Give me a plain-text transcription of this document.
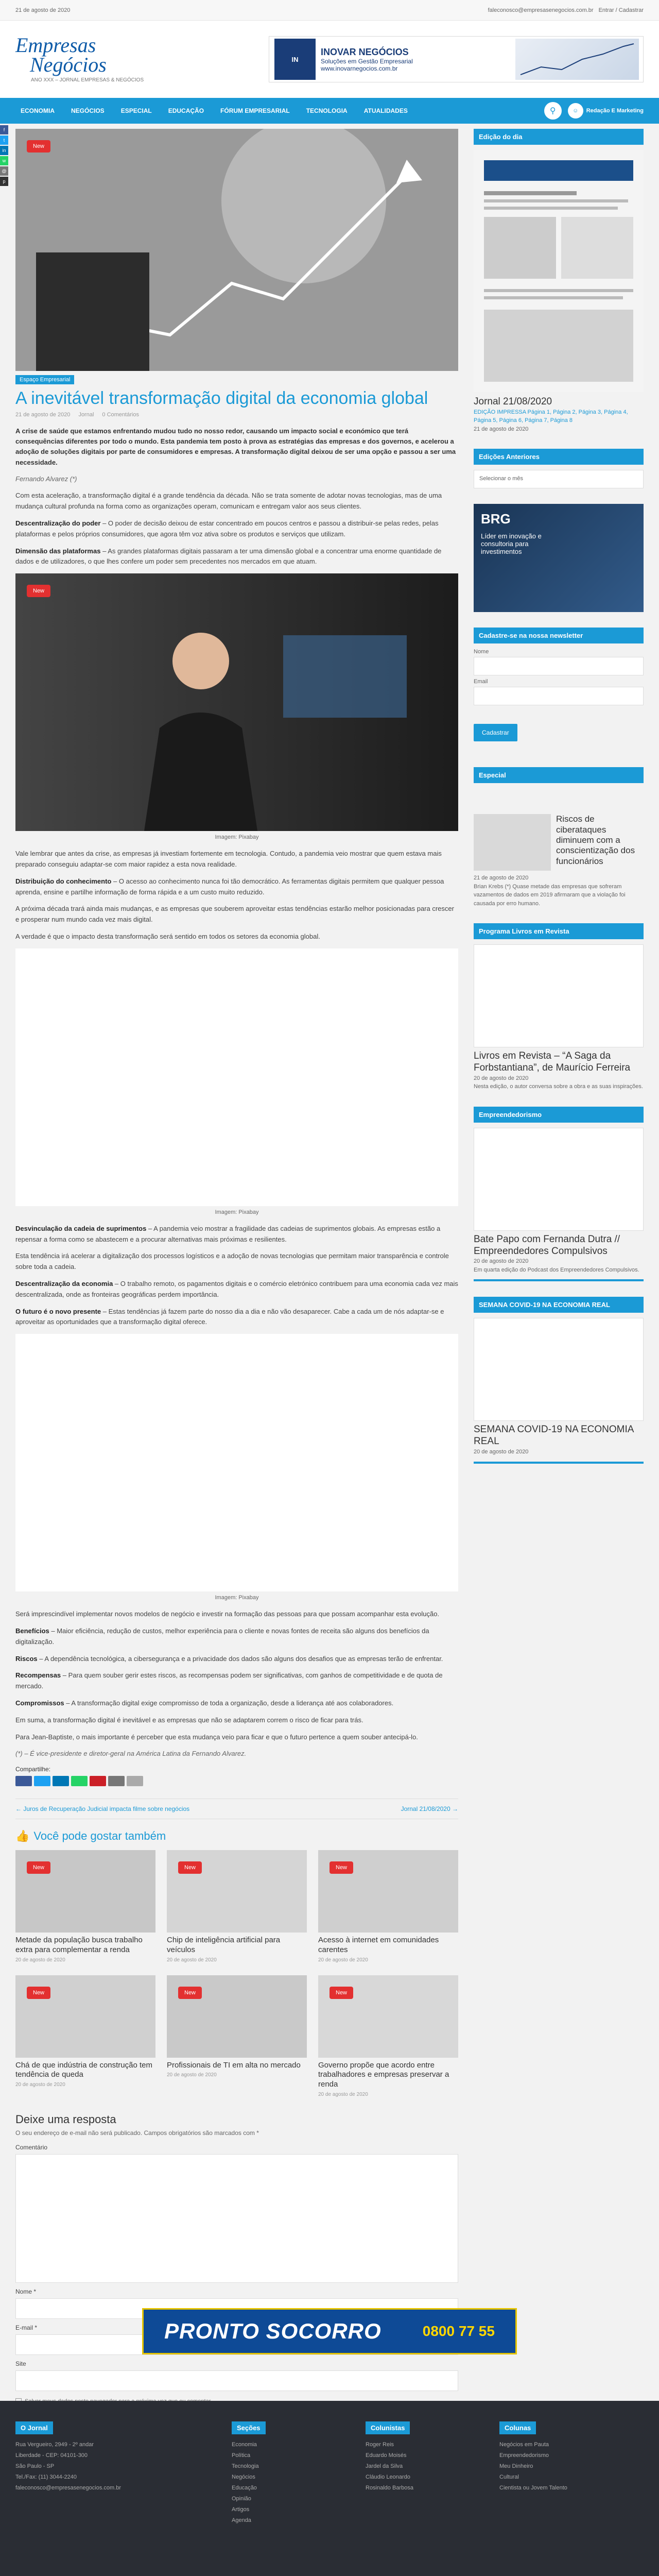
21 de agosto de 2020	faleconosco@empresasenegocios.com.br Entrar / Cadastrar
Empresas
Negócios
ANO XXX – JORNAL EMPRESAS & NEGÓCIOS
IN
INOVAR NEGÓCIOS
Soluções em Gestão Empresarial
www.inovarnegocios.com.br
ECONOMIA	NEGÓCIOS	ESPECIAL	EDUCAÇÃO	FÓRUM EMPRESARIAL	TECNOLOGIA	ATUALIDADES	⚲	☺	Redação E Marketing
f
t
in
w
@
p
New
Espaço Empresarial
A inevitável transformação digital da economia global
21 de agosto de 2020 Jornal 0 Comentários

A crise de saúde que estamos enfrentando mudou tudo no nosso redor, causando um impacto social e económico que terá consequências diferentes por todo o mundo. Esta pandemia tem posto à prova as estratégias das empresas e dos governos, e acelerou a adoção de soluções digitais por parte de consumidores e empresas. A transformação digital deixou de ser uma opção e passou a ser uma necessidade.

Fernando Alvarez (*)

Com esta aceleração, a transformação digital é a grande tendência da década. Não se trata somente de adotar novas tecnologias, mas de uma mudança cultural profunda na forma como as organizações operam, comunicam e entregam valor aos seus clientes.

Descentralização do poder – O poder de decisão deixou de estar concentrado em poucos centros e passou a distribuir-se pelas redes, pelas plataformas e pelos próprios consumidores, que agora têm voz ativa sobre os produtos e serviços que utilizam.

Dimensão das plataformas – As grandes plataformas digitais passaram a ter uma dimensão global e a concentrar uma enorme quantidade de dados e de utilizadores, o que lhes confere um poder sem precedentes nos mercados em que atuam.

New
Imagem: Pixabay

Vale lembrar que antes da crise, as empresas já investiam fortemente em tecnologia. Contudo, a pandemia veio mostrar que quem estava mais preparado conseguiu adaptar-se com maior rapidez a esta nova realidade.

Distribuição do conhecimento – O acesso ao conhecimento nunca foi tão democrático. As ferramentas digitais permitem que qualquer pessoa aprenda, ensine e partilhe informação de forma rápida e a um custo muito reduzido.

A próxima década trará ainda mais mudanças, e as empresas que souberem aproveitar estas tendências estarão melhor posicionadas para crescer e prosperar num mundo cada vez mais digital.

A verdade é que o impacto desta transformação será sentido em todos os setores da economia global.

Imagem: Pixabay

Desvinculação da cadeia de suprimentos – A pandemia veio mostrar a fragilidade das cadeias de suprimentos globais. As empresas estão a repensar a forma como se abastecem e a procurar alternativas mais próximas e resilientes.

Esta tendência irá acelerar a digitalização dos processos logísticos e a adoção de novas tecnologias que permitam maior transparência e controle sobre toda a cadeia.

Descentralização da economia – O trabalho remoto, os pagamentos digitais e o comércio eletrónico contribuem para uma economia cada vez mais descentralizada, onde as fronteiras geográficas perdem importância.

O futuro é o novo presente – Estas tendências já fazem parte do nosso dia a dia e não vão desaparecer. Cabe a cada um de nós adaptar-se e aproveitar as oportunidades que a transformação digital oferece.

Imagem: Pixabay

Será imprescindível implementar novos modelos de negócio e investir na formação das pessoas para que possam acompanhar esta evolução.

Benefícios – Maior eficiência, redução de custos, melhor experiência para o cliente e novas fontes de receita são alguns dos benefícios da digitalização.

Riscos – A dependência tecnológica, a cibersegurança e a privacidade dos dados são alguns dos desafios que as empresas terão de enfrentar.

Recompensas – Para quem souber gerir estes riscos, as recompensas podem ser significativas, com ganhos de competitividade e de quota de mercado.

Compromissos – A transformação digital exige compromisso de toda a organização, desde a liderança até aos colaboradores.

Em suma, a transformação digital é inevitável e as empresas que não se adaptarem correm o risco de ficar para trás.

Para Jean-Baptiste, o mais importante é perceber que esta mudança veio para ficar e que o futuro pertence a quem souber antecipá-lo.

(*) – É vice-presidente e diretor-geral na América Latina da Fernando Alvarez.

Compartilhe:
← Juros de Recuperação Judicial impacta filme sobre negócios	Jornal 21/08/2020 →
👍 Você pode gostar também
New
Metade da população busca trabalho extra para complementar a renda
20 de agosto de 2020
New
Chip de inteligência artificial para veículos
20 de agosto de 2020
New
Acesso à internet em comunidades carentes
20 de agosto de 2020
New
Chá de que indústria de construção tem tendência de queda
20 de agosto de 2020
New
Profissionais de TI em alta no mercado
20 de agosto de 2020
New
Governo propõe que acordo entre trabalhadores e empresas preservar a renda
20 de agosto de 2020
Deixe uma resposta
O seu endereço de e-mail não será publicado. Campos obrigatórios são marcados com *
Comentário
Nome *
E-mail *
Site
Edição do dia
Jornal 21/08/2020
EDIÇÃO IMPRESSA Página 1, Página 2, Página 3, Página 4, Página 5, Página 6, Página 7, Página 8
21 de agosto de 2020
Edições Anteriores
Selecionar o mês
BRG
Líder em inovação e consultoria para investimentos
Cadastre-se na nossa newsletter
Nome
Email
Cadastrar
Especial
Riscos de ciberataques diminuem com a conscientização dos funcionários
21 de agosto de 2020
Brian Krebs (*) Quase metade das empresas que sofreram vazamentos de dados em 2019 afirmaram que a violação foi causada por erro humano.
Programa Livros em Revista
Livros em Revista – “A Saga da Forbstantiana”, de Maurício Ferreira
20 de agosto de 2020
Nesta edição, o autor conversa sobre a obra e as suas inspirações.
Empreendedorismo
Bate Papo com Fernanda Dutra // Empreendedores Compulsivos
20 de agosto de 2020
Em quarta edição do Podcast dos Empreendedores Compulsivos.
SEMANA COVID-19 NA ECONOMIA REAL
SEMANA COVID-19 NA ECONOMIA REAL
20 de agosto de 2020
PRONTO SOCORRO	0800 77 55
O Jornal
Rua Vergueiro, 2949 - 2º andar
Liberdade - CEP: 04101-300
São Paulo - SP
Tel./Fax: (11) 3044-2240
faleconosco@empresasenegocios.com.br
Seções
Economia
Política
Tecnologia
Negócios
Educação
Opinião
Artigos
Agenda
Colunistas
Roger Reis
Eduardo Moisés
Jardel da Silva
Cláudio Leonardo
Rosinaldo Barbosa
Colunas
Negócios em Pauta
Empreendedorismo
Meu Dinheiro
Cultural
Cientista ou Jovem Talento
